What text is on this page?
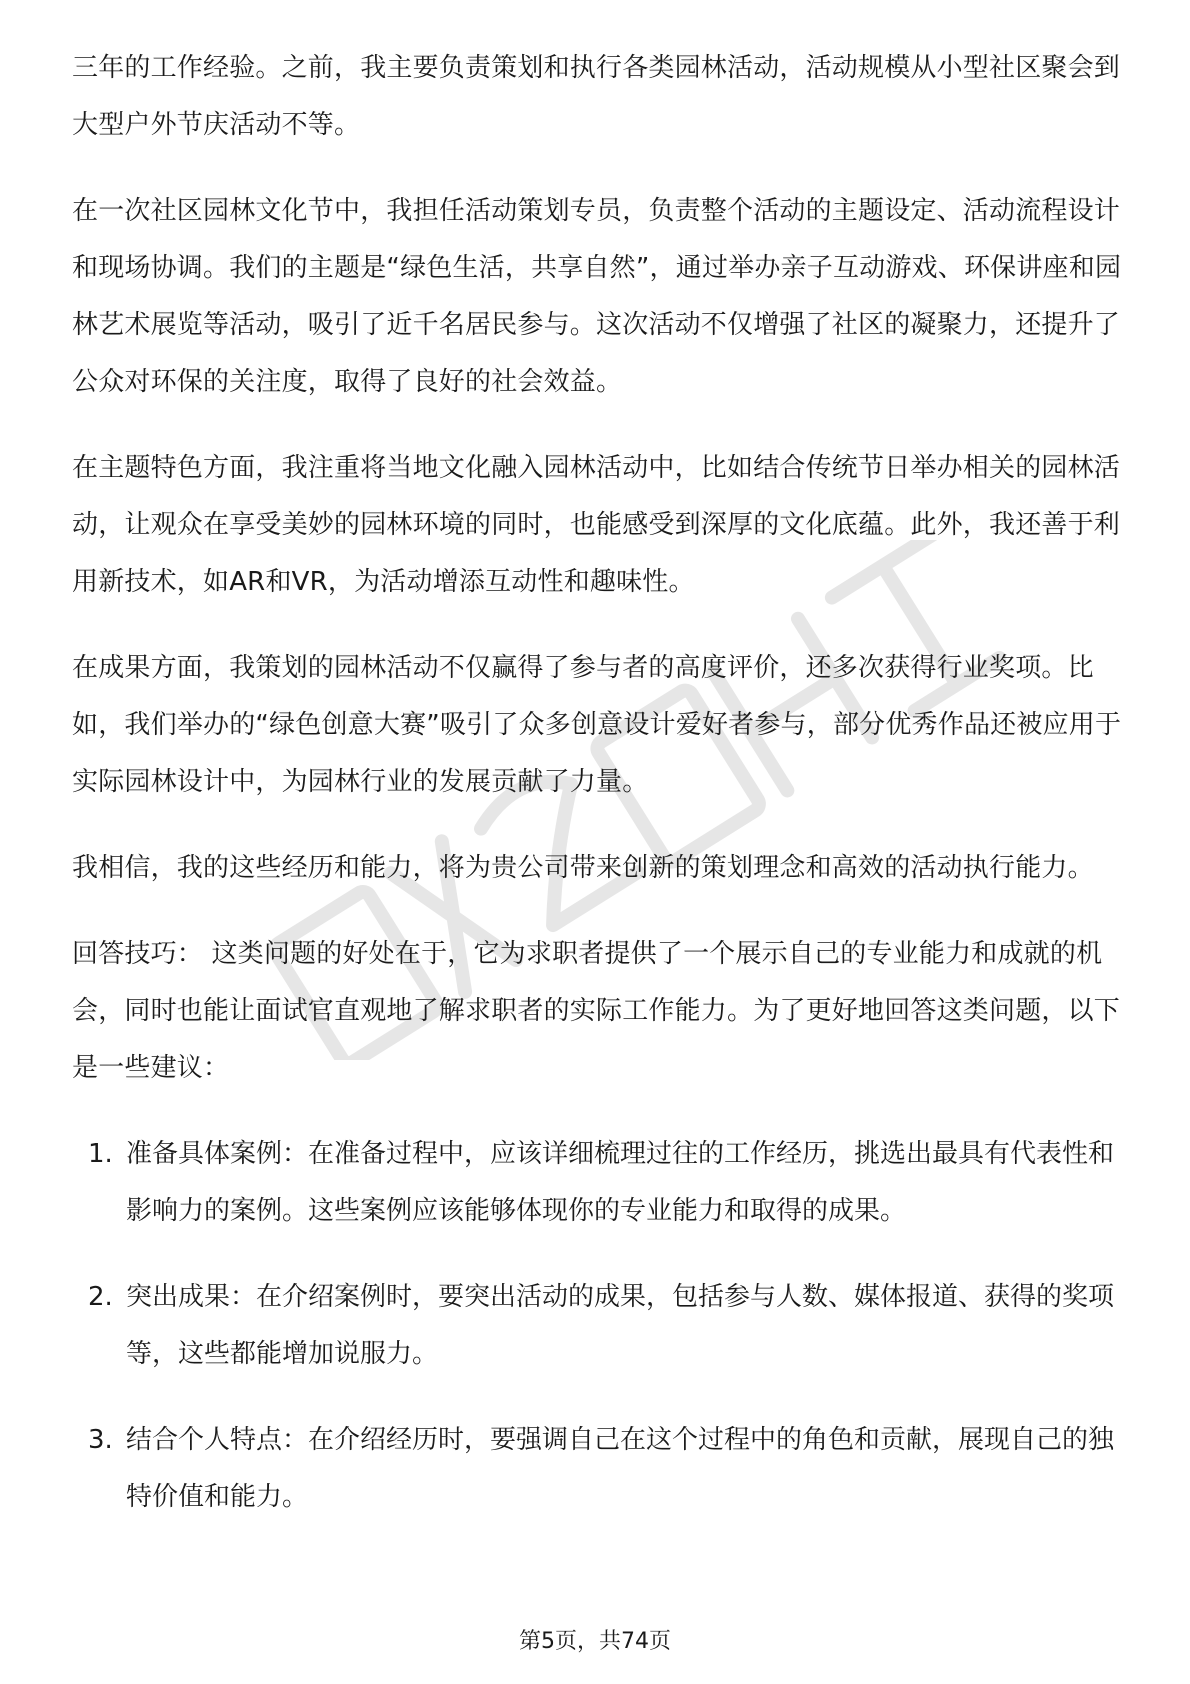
三年的工作经验。之前，我主要负责策划和执行各类园林活动，活动规模从小型社区聚会到大型户外节庆活动不等。

在一次社区园林文化节中，我担任活动策划专员，负责整个活动的主题设定、活动流程设计和现场协调。我们的主题是“绿色生活，共享自然”，通过举办亲子互动游戏、环保讲座和园林艺术展览等活动，吸引了近千名居民参与。这次活动不仅增强了社区的凝聚力，还提升了公众对环保的关注度，取得了良好的社会效益。

在主题特色方面，我注重将当地文化融入园林活动中，比如结合传统节日举办相关的园林活动，让观众在享受美妙的园林环境的同时，也能感受到深厚的文化底蕴。此外，我还善于利用新技术，如AR和VR，为活动增添互动性和趣味性。

在成果方面，我策划的园林活动不仅赢得了参与者的高度评价，还多次获得行业奖项。比如，我们举办的“绿色创意大赛”吸引了众多创意设计爱好者参与，部分优秀作品还被应用于实际园林设计中，为园林行业的发展贡献了力量。

我相信，我的这些经历和能力，将为贵公司带来创新的策划理念和高效的活动执行能力。

回答技巧： 这类问题的好处在于，它为求职者提供了一个展示自己的专业能力和成就的机会，同时也能让面试官直观地了解求职者的实际工作能力。为了更好地回答这类问题，以下是一些建议：

1. 准备具体案例：在准备过程中，应该详细梳理过往的工作经历，挑选出最具有代表性和影响力的案例。这些案例应该能够体现你的专业能力和取得的成果。
2. 突出成果：在介绍案例时，要突出活动的成果，包括参与人数、媒体报道、获得的奖项等，这些都能增加说服力。
3. 结合个人特点：在介绍经历时，要强调自己在这个过程中的角色和贡献，展现自己的独特价值和能力。
第5页，共74页
